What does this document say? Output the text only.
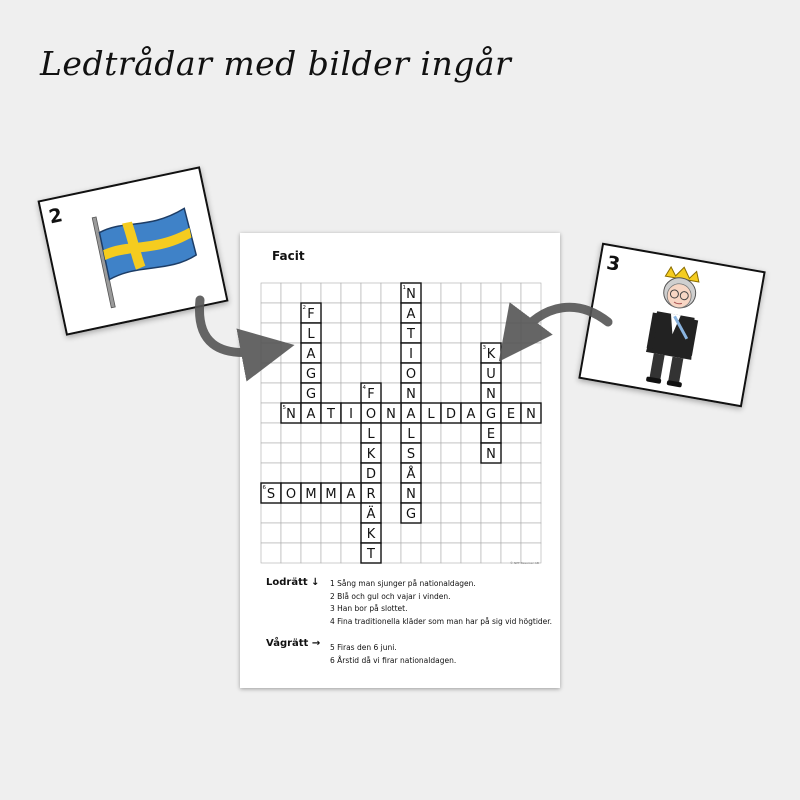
Ledtrådar med bilder ingår
Facit
N
A
T
I
O
N
A
L
S
Å
N
G
F
L
A
G
G
K
U
N
G
E
N
F
O
L
K
D
R
Ä
K
T
N A T I	N L D A E N
S O M M A
1
2
3
4
5
6
© NPF Resurser AB
Lodrätt ↓ 1 Sång man sjunger på nationaldagen.
2 Blå och gul och vajar i vinden.
3 Han bor på slottet.
4 Fina traditionella kläder som man har på sig vid högtider.
Vågrätt → 5 Firas den 6 juni.
6 Årstid då vi firar nationaldagen.
2
3
